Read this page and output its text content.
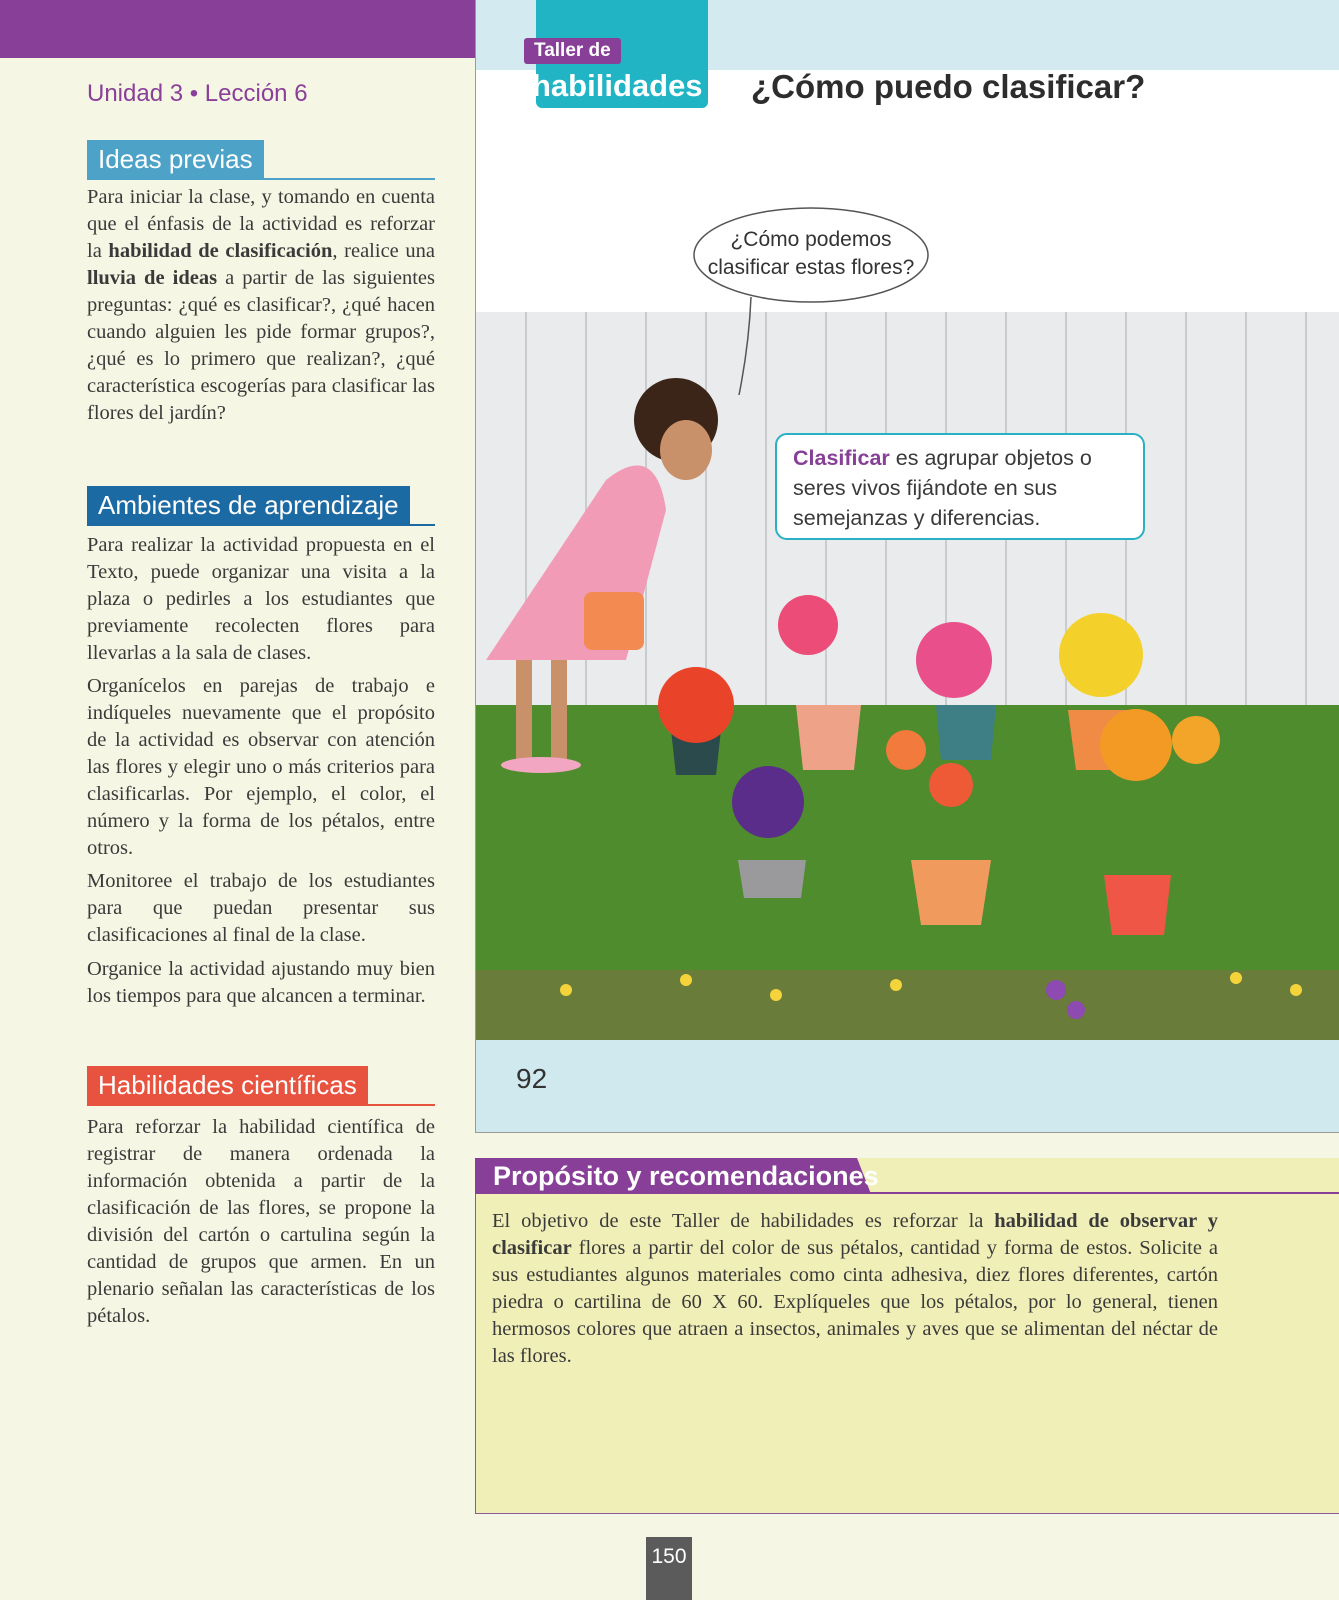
Unidad 3 • Lección 6
Ideas previas

Para iniciar la clase, y tomando en cuenta que el énfasis de la actividad es reforzar la habilidad de clasificación, realice una lluvia de ideas a partir de las siguientes preguntas: ¿qué es clasificar?, ¿qué hacen cuando alguien les pide formar grupos?, ¿qué es lo primero que realizan?, ¿qué característica escogerías para clasificar las flores del jardín?

Ambientes de aprendizaje

Para realizar la actividad propuesta en el Texto, puede organizar una visita a la plaza o pedirles a los estudiantes que previamente recolecten flores para llevarlas a la sala de clases.

Organícelos en parejas de trabajo e indíqueles nuevamente que el propósito de la actividad es observar con atención las flores y elegir uno o más criterios para clasificarlas. Por ejemplo, el color, el número y la forma de los pétalos, entre otros.

Monitoree el trabajo de los estudiantes para que puedan presentar sus clasificaciones al final de la clase.

Organice la actividad ajustando muy bien los tiempos para que alcancen a terminar.

Habilidades científicas

Para reforzar la habilidad científica de registrar de manera ordenada la información obtenida a partir de la clasificación de las flores, se propone la división del cartón o cartulina según la cantidad de grupos que armen. En un plenario señalan las características de los pétalos.

Taller de
habilidades ¿Cómo puedo clasificar?
¿Cómo podemos
clasificar estas flores?
Clasificar es agrupar objetos o seres vivos fijándote en sus semejanzas y diferencias.
92
Propósito y recomendaciones

El objetivo de este Taller de habilidades es reforzar la habilidad de observar y clasificar flores a partir del color de sus pétalos, cantidad y forma de estos. Solicite a sus estudiantes algunos materiales como cinta adhesiva, diez flores diferentes, cartón piedra o cartilina de 60 X 60. Explíqueles que los pétalos, por lo general, tienen hermosos colores que atraen a insectos, animales y aves que se alimentan del néctar de las flores.

150
